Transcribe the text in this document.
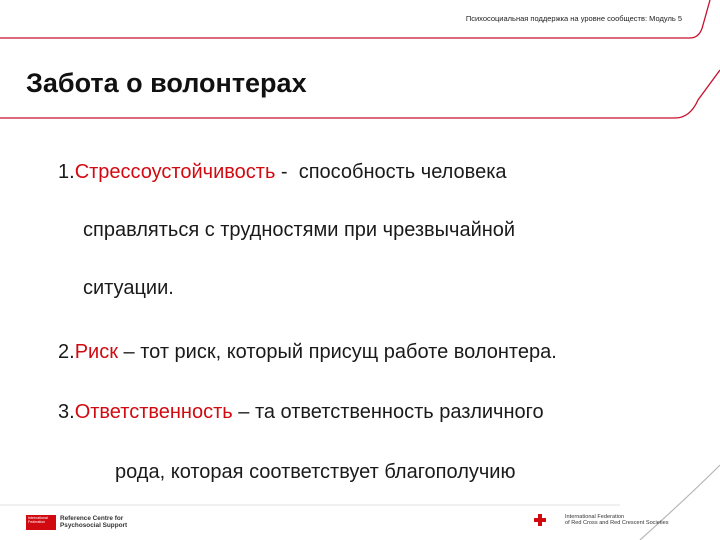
Психосоциальная поддержка на уровне сообществ: Модуль 5
Забота о волонтерах
1.Стрессоустойчивость -  способность человека
справляться с трудностями при чрезвычайной
ситуации.
2.Риск – тот риск, который присущ работе волонтера.
3.Ответственность – та ответственность различного
рода, которая соответствует благополучию
International Federation	Reference Centre for
Psychosocial Support
International Federation
of Red Cross and Red Crescent Societies
